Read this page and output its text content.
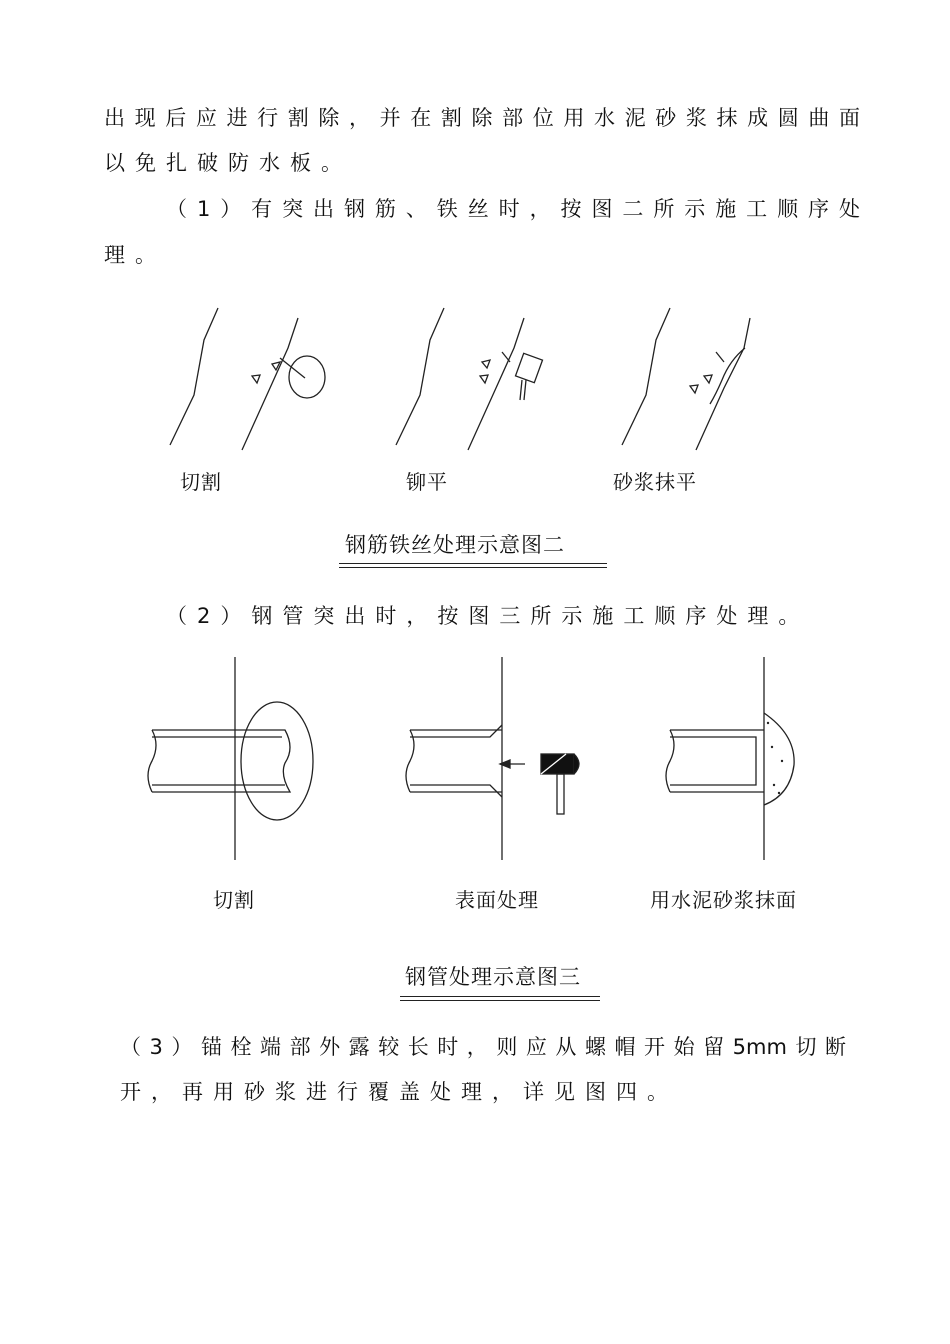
出现后应进行割除，并在割除部位用水泥砂浆抹成圆曲面
以免扎破防水板。
（1）有突出钢筋、铁丝时，按图二所示施工顺序处
理。
切割	铆平	砂浆抹平
钢筋铁丝处理示意图二
（2）钢管突出时，按图三所示施工顺序处理。
切割	表面处理	用水泥砂浆抹面
钢管处理示意图三
（3）锚栓端部外露较长时，则应从螺帽开始留5mm切断
开，再用砂浆进行覆盖处理，详见图四。
